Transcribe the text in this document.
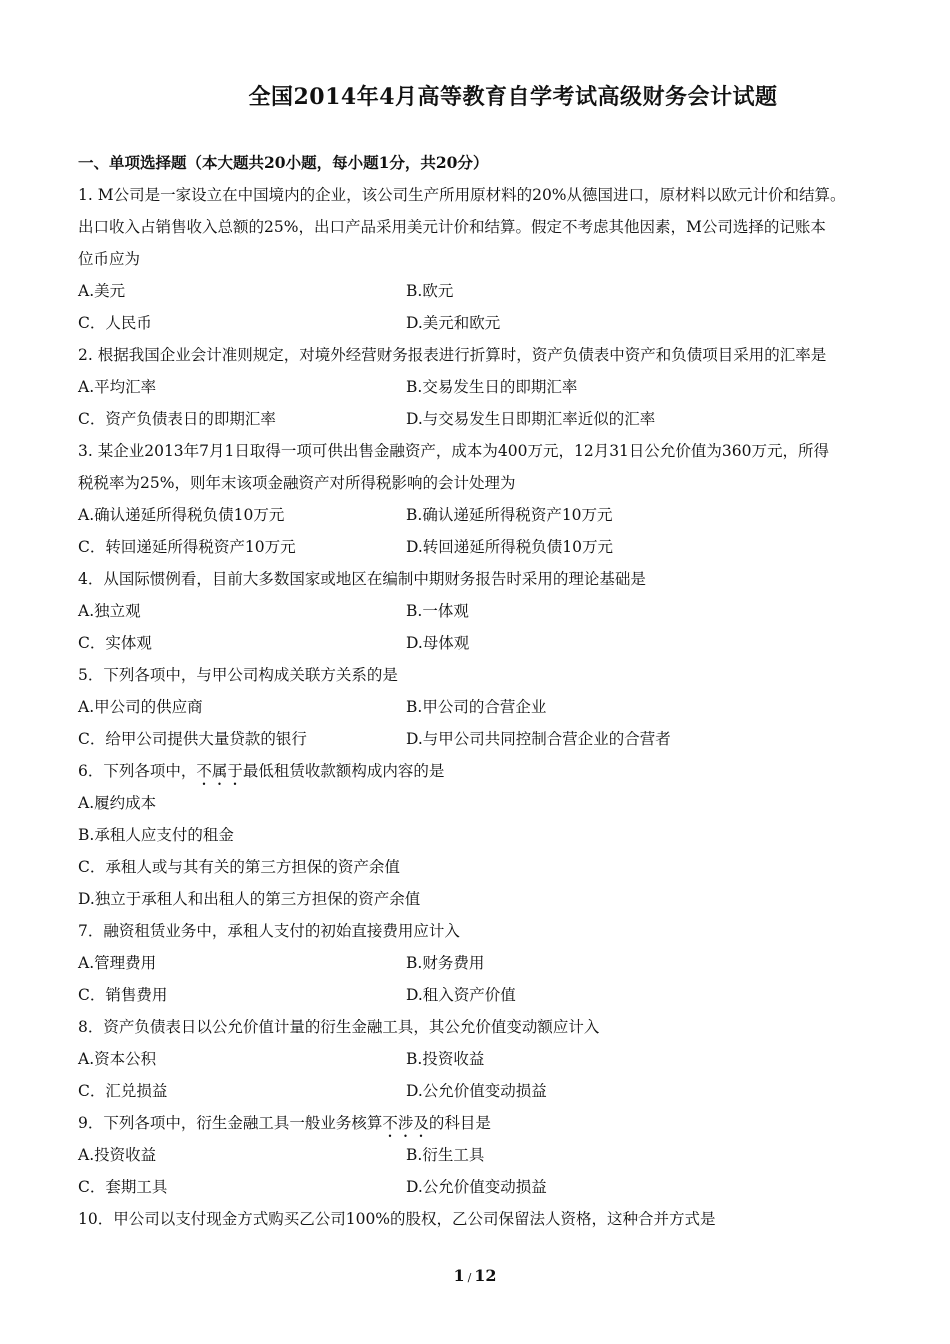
全国2014年4月高等教育自学考试高级财务会计试题
一、单项选择题（本大题共20小题，每小题1分，共20分）
1. M公司是一家设立在中国境内的企业，该公司生产所用原材料的20%从德国进口，原材料以欧元计价和结算。
出口收入占销售收入总额的25%，出口产品采用美元计价和结算。假定不考虑其他因素，M公司选择的记账本
位币应为
A.美元	B.欧元
C．人民币	D.美元和欧元
2. 根据我国企业会计准则规定，对境外经营财务报表进行折算时，资产负债表中资产和负债项目采用的汇率是
A.平均汇率	B.交易发生日的即期汇率
C．资产负债表日的即期汇率	D.与交易发生日即期汇率近似的汇率
3. 某企业2013年7月1日取得一项可供出售金融资产，成本为400万元，12月31日公允价值为360万元，所得
税税率为25%，则年末该项金融资产对所得税影响的会计处理为
A.确认递延所得税负债10万元	B.确认递延所得税资产10万元
C．转回递延所得税资产10万元	D.转回递延所得税负债10万元
4．从国际惯例看，目前大多数国家或地区在编制中期财务报告时采用的理论基础是
A.独立观	B.一体观
C．实体观	D.母体观
5．下列各项中，与甲公司构成关联方关系的是
A.甲公司的供应商	B.甲公司的合营企业
C．给甲公司提供大量贷款的银行	D.与甲公司共同控制合营企业的合营者
6．下列各项中，不属于最低租赁收款额构成内容的是
A.履约成本
B.承租人应支付的租金
C．承租人或与其有关的第三方担保的资产余值
D.独立于承租人和出租人的第三方担保的资产余值
7．融资租赁业务中，承租人支付的初始直接费用应计入
A.管理费用	B.财务费用
C．销售费用	D.租入资产价值
8．资产负债表日以公允价值计量的衍生金融工具，其公允价值变动额应计入
A.资本公积	B.投资收益
C．汇兑损益	D.公允价值变动损益
9．下列各项中，衍生金融工具一般业务核算不涉及的科目是
A.投资收益	B.衍生工具
C．套期工具	D.公允价值变动损益
10．甲公司以支付现金方式购买乙公司100%的股权，乙公司保留法人资格，这种合并方式是
1 / 12
